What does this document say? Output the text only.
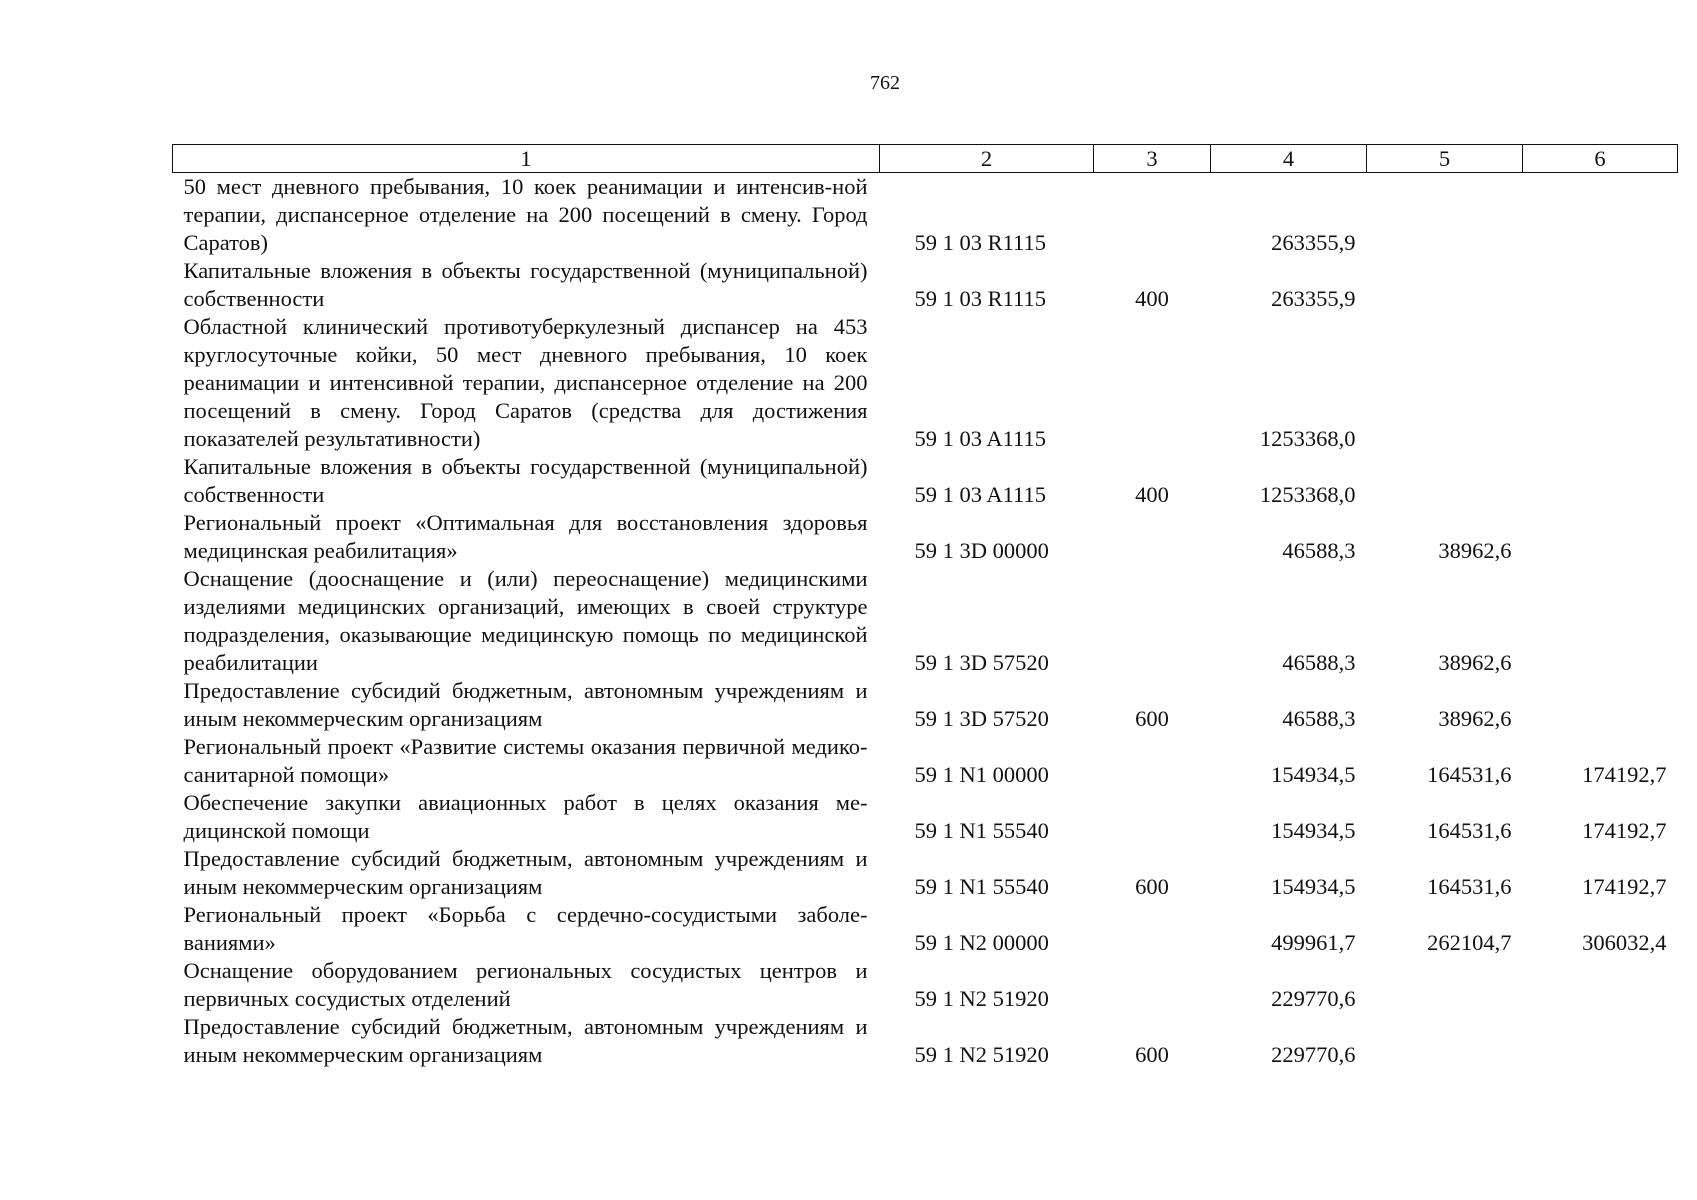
762
1	2	3	4	5	6
50 мест дневного пребывания, 10 коек реанимации и интенсив-ной терапии, диспансерное отделение на 200 посещений в смену. Город Саратов)	59 1 03 R1115		263355,9		
Капитальные вложения в объекты государственной (муниципальной) собственности	59 1 03 R1115	400	263355,9		
Областной клинический противотуберкулезный диспансер на 453 круглосуточные койки, 50 мест дневного пребывания, 10 коек реанимации и интенсивной терапии, диспансерное отделение на 200 посещений в смену. Город Саратов (средства для достижения показателей результативности)	59 1 03 A1115		1253368,0		
Капитальные вложения в объекты государственной (муниципальной) собственности	59 1 03 A1115	400	1253368,0		
Региональный проект «Оптимальная для восстановления здоровья медицинская реабилитация»	59 1 3D 00000		46588,3	38962,6	
Оснащение (дооснащение и (или) переоснащение) медицинскими изделиями медицинских организаций, имеющих в своей структуре подразделения, оказывающие медицинскую помощь по медицинской реабилитации	59 1 3D 57520		46588,3	38962,6	
Предоставление субсидий бюджетным, автономным учреждениям и иным некоммерческим организациям	59 1 3D 57520	600	46588,3	38962,6	
Региональный проект «Развитие системы оказания первичной медико-санитарной помощи»	59 1 N1 00000		154934,5	164531,6	174192,7
Обеспечение закупки авиационных работ в целях оказания медицинской помощи	59 1 N1 55540		154934,5	164531,6	174192,7
Предоставление субсидий бюджетным, автономным учреждениям и иным некоммерческим организациям	59 1 N1 55540	600	154934,5	164531,6	174192,7
Региональный проект «Борьба с сердечно-сосудистыми заболеваниями»	59 1 N2 00000		499961,7	262104,7	306032,4
Оснащение оборудованием региональных сосудистых центров и первичных сосудистых отделений	59 1 N2 51920		229770,6		
Предоставление субсидий бюджетным, автономным учреждениям и иным некоммерческим организациям	59 1 N2 51920	600	229770,6		
